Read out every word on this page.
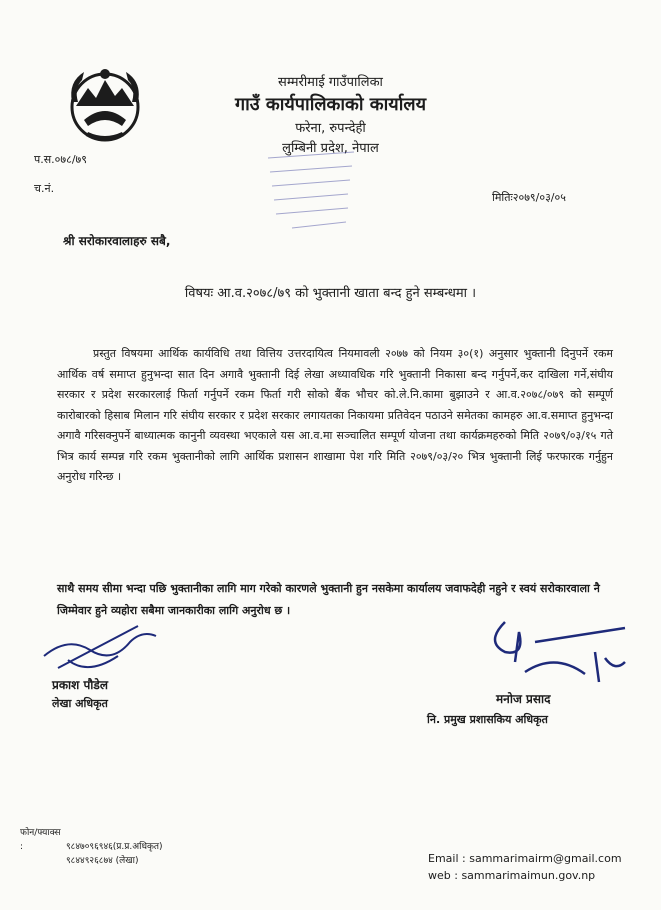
सम्मरीमाई गाउँपालिका
गाउँ कार्यपालिकाको कार्यालय
फरेना, रुपन्देही
लुम्बिनी प्रदेश, नेपाल
प.स.०७८/७९
च.नं.
मितिः२०७९/०३/०५
श्री सरोकारवालाहरु सबै,
विषयः आ.व.२०७८/७९ को भुक्तानी खाता बन्द हुने सम्बन्धमा ।
प्रस्तुत विषयमा आर्थिक कार्यविधि तथा वित्तिय उत्तरदायित्व नियमावली २०७७ को नियम ३०(१) अनुसार भुक्तानी दिनुपर्ने रकम आर्थिक वर्ष समाप्त हुनुभन्दा सात दिन अगावै भुक्तानी दिई लेखा अध्यावधिक गरि भुक्तानी निकासा बन्द गर्नुपर्ने,कर दाखिला गर्ने,संघीय सरकार र प्रदेश सरकारलाई फिर्ता गर्नुपर्ने रकम फिर्ता गरी सोको बैंक भौचर को.ले.नि.कामा बुझाउने र आ.व.२०७८/०७९ को सम्पूर्ण कारोबारको हिसाब मिलान गरि संघीय सरकार र प्रदेश सरकार लगायतका निकायमा प्रतिवेदन पठाउने समेतका कामहरु आ.व.समाप्त हुनुभन्दा अगावै गरिसक्नुपर्ने बाध्यात्मक कानुनी व्यवस्था भएकाले यस आ.व.मा सञ्चालित सम्पूर्ण योजना तथा कार्यक्रमहरुको मिति २०७९/०३/१५ गते भित्र कार्य सम्पन्न गरि रकम भुक्तानीको लागि आर्थिक प्रशासन शाखामा पेश गरि मिति २०७९/०३/२० भित्र भुक्तानी लिई फरफारक गर्नुहुन अनुरोध गरिन्छ ।
साथै समय सीमा भन्दा पछि भुक्तानीका लागि माग गरेको कारणले भुक्तानी हुन नसकेमा कार्यालय जवाफदेही नहुने र स्वयं सरोकारवाला नै जिम्मेवार हुने व्यहोरा सबैमा जानकारीका लागि अनुरोध छ ।
प्रकाश पौडेल
लेखा अधिकृत	मनोज प्रसाद
नि. प्रमुख प्रशासकिय अधिकृत
फोन/फ्याक्स :	९८४७०९६९४६(प्र.प्र.अधिकृत)
९८४४९२६८७४ (लेखा)	Email : sammarimairm@gmail.com
web : sammarimaimun.gov.np
